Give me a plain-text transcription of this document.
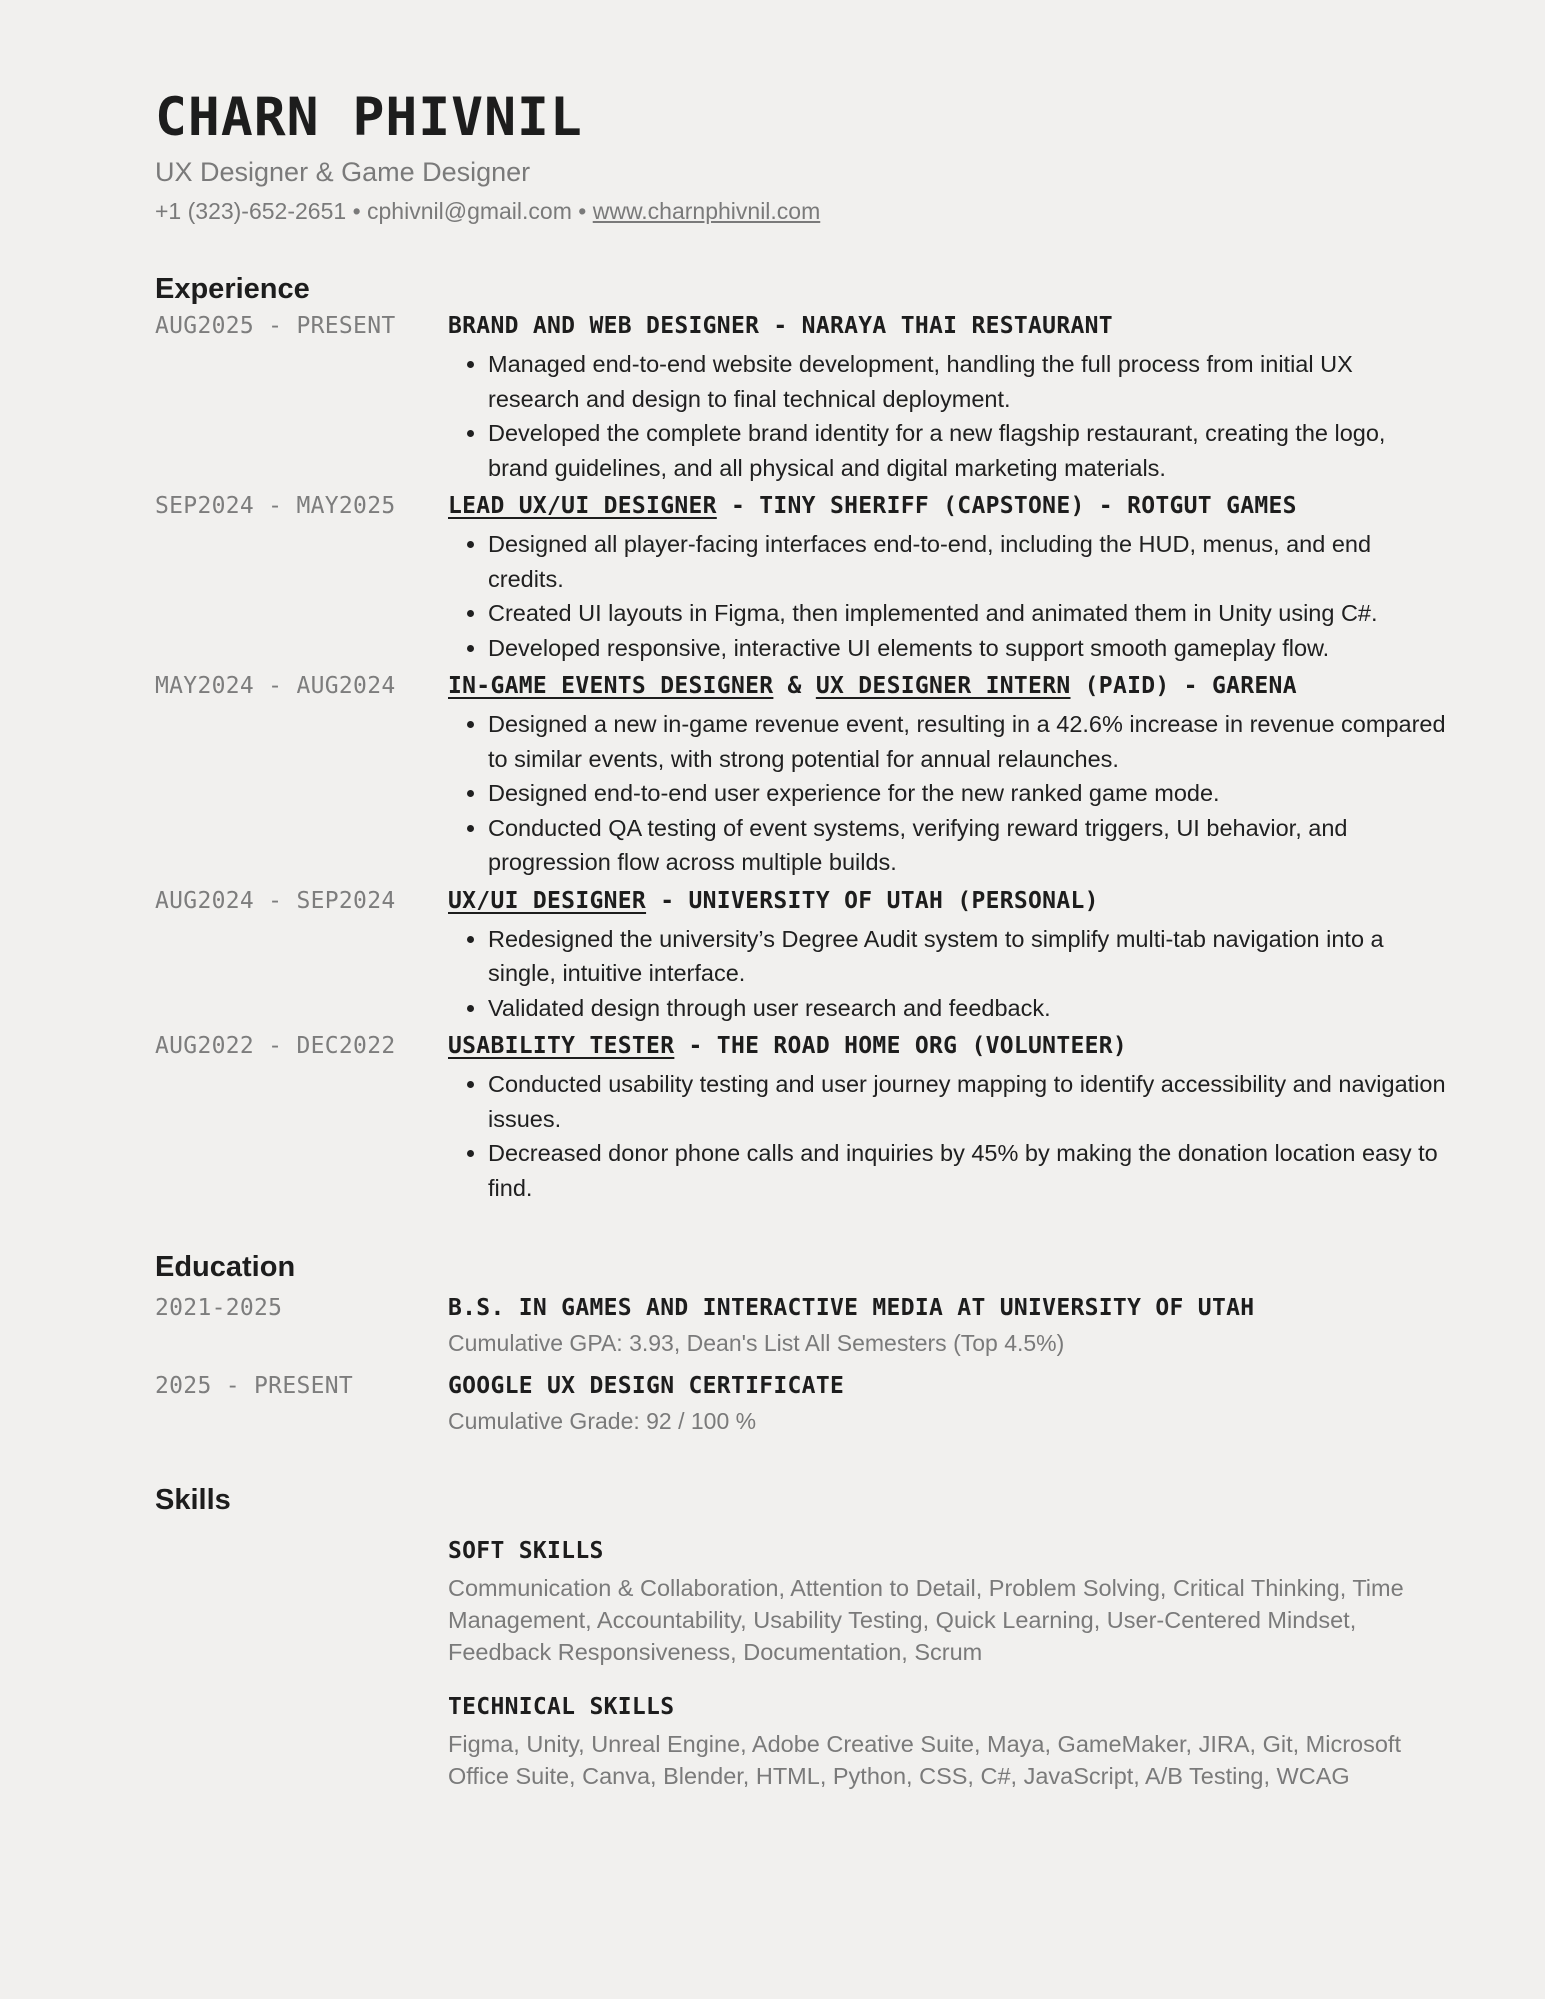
CHARN PHIVNIL
UX Designer & Game Designer
+1 (323)-652-2651 • cphivnil@gmail.com • www.charnphivnil.com
Experience
AUG2025 - PRESENT	BRAND AND WEB DESIGNER - NARAYA THAI RESTAURANT
• Managed end-to-end website development, handling the full process from initial UX research and design to final technical deployment.
• Developed the complete brand identity for a new flagship restaurant, creating the logo, brand guidelines, and all physical and digital marketing materials.
SEP2024 - MAY2025	LEAD UX/UI DESIGNER - TINY SHERIFF (CAPSTONE) - ROTGUT GAMES
• Designed all player-facing interfaces end-to-end, including the HUD, menus, and end credits.
• Created UI layouts in Figma, then implemented and animated them in Unity using C#.
• Developed responsive, interactive UI elements to support smooth gameplay flow.
MAY2024 - AUG2024	IN-GAME EVENTS DESIGNER & UX DESIGNER INTERN (PAID) - GARENA
• Designed a new in-game revenue event, resulting in a 42.6% increase in revenue compared to similar events, with strong potential for annual relaunches.
• Designed end-to-end user experience for the new ranked game mode.
• Conducted QA testing of event systems, verifying reward triggers, UI behavior, and progression flow across multiple builds.
AUG2024 - SEP2024	UX/UI DESIGNER - UNIVERSITY OF UTAH (PERSONAL)
• Redesigned the university’s Degree Audit system to simplify multi-tab navigation into a single, intuitive interface.
• Validated design through user research and feedback.
AUG2022 - DEC2022	USABILITY TESTER - THE ROAD HOME ORG (VOLUNTEER)
• Conducted usability testing and user journey mapping to identify accessibility and navigation issues.
• Decreased donor phone calls and inquiries by 45% by making the donation location easy to find.
Education
2021-2025	B.S. IN GAMES AND INTERACTIVE MEDIA AT UNIVERSITY OF UTAH
Cumulative GPA: 3.93, Dean's List All Semesters (Top 4.5%)
2025 - PRESENT	GOOGLE UX DESIGN CERTIFICATE
Cumulative Grade: 92 / 100 %
Skills
SOFT SKILLS
Communication & Collaboration, Attention to Detail, Problem Solving, Critical Thinking, Time Management, Accountability, Usability Testing, Quick Learning, User-Centered Mindset, Feedback Responsiveness, Documentation, Scrum
TECHNICAL SKILLS
Figma, Unity, Unreal Engine, Adobe Creative Suite, Maya, GameMaker, JIRA, Git, Microsoft Office Suite, Canva, Blender, HTML, Python, CSS, C#, JavaScript, A/B Testing, WCAG
